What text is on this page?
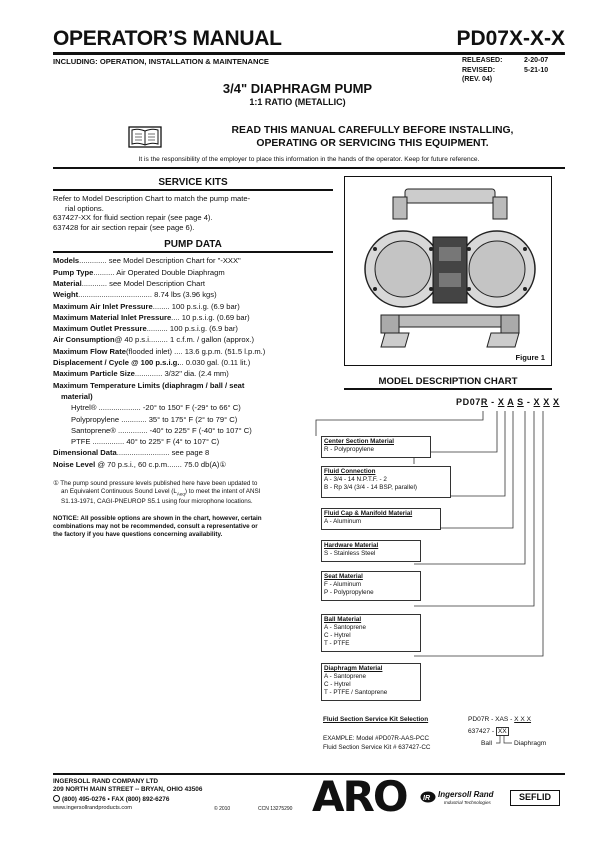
OPERATOR’S MANUAL	PD07X-X-X
INCLUDING: OPERATION, INSTALLATION & MAINTENANCE	RELEASED:	2-20-07
REVISED:	5-21-10
(REV. 04)
3/4" DIAPHRAGM PUMP
1:1 RATIO (METALLIC)
READ THIS MANUAL CAREFULLY BEFORE INSTALLING,
OPERATING OR SERVICING THIS EQUIPMENT.
It is the responsibility of the employer to place this information in the hands of the operator. Keep for future reference.
SERVICE KITS
Refer to Model Description Chart to match the pump mate-
rial options.
637427-XX for fluid section repair (see page 4).
637428 for air section repair (see page 6).
PUMP DATA
Models............. see Model Description Chart for "-XXX"
Pump Type.......... Air Operated Double Diaphragm
Material............ see Model Description Chart
Weight................................... 8.74 lbs (3.96 kgs)
Maximum Air Inlet Pressure........ 100 p.s.i.g. (6.9 bar)
Maximum Material Inlet Pressure.... 10 p.s.i.g. (0.69 bar)
Maximum Outlet Pressure.......... 100 p.s.i.g. (6.9 bar)
Air Consumption@ 40 p.s.i......... 1 c.f.m. / gallon (approx.)
Maximum Flow Rate(flooded inlet) .... 13.6 g.p.m. (51.5 l.p.m.)
Displacement / Cycle @ 100 p.s.i.g... 0.030 gal. (0.11 lit.)
Maximum Particle Size............. 3/32" dia. (2.4 mm)
Maximum Temperature Limits (diaphragm / ball / seat
material)
Hytrel® .................... -20° to 150° F (-29° to 66° C)
Polypropylene ............ 35° to 175° F (2° to 79° C)
Santoprene® .............. -40° to 225° F (-40° to 107° C)
PTFE ............... 40° to 225° F (4° to 107° C)
Dimensional Data......................... see page 8
Noise Level @ 70 p.s.i., 60 c.p.m....... 75.0 db(A)①
① The pump sound pressure levels published here have been updated to
an Equivalent Continuous Sound Level $(L_{Aeq})$ to meet the intent of ANSI
S1.13-1971, CAGI-PNEUROP S5.1 using four microphone locations.
NOTICE: All possible options are shown in the chart, however, certain
combinations may not be recommended, consult a representative or
the factory if you have questions concerning availability.
Figure 1
MODEL DESCRIPTION CHART
PD07R - X A S - X X X
Center Section Material
R - Polypropylene
Fluid Connection
A - 3/4 - 14 N.P.T.F. - 2
B - Rp 3/4 (3/4 - 14 BSP, parallel)
Fluid Cap & Manifold Material
A - Aluminum
Hardware Material
S - Stainless Steel
Seat Material
F - Aluminum
P - Polypropylene
Ball Material
A - Santoprene
C - Hytrel
T - PTFE
Diaphragm Material
A - Santoprene
C - Hytrel
T - PTFE / Santoprene
Fluid Section Service Kit Selection
EXAMPLE: Model #PD07R-AAS-PCC
Fluid Section Service Kit # 637427-CC
PD07R - XAS - X X X
637427 - XX
Ball	Diaphragm
INGERSOLL RAND COMPANY LTD
209 NORTH MAIN STREET -- BRYAN, OHIO 43506
(800) 495-0276 • FAX (800) 892-6276
www.ingersollrandproducts.com	© 2010	CCN 13275290 ARO IR Ingersoll Rand
Industrial Technologies
SEFLID
